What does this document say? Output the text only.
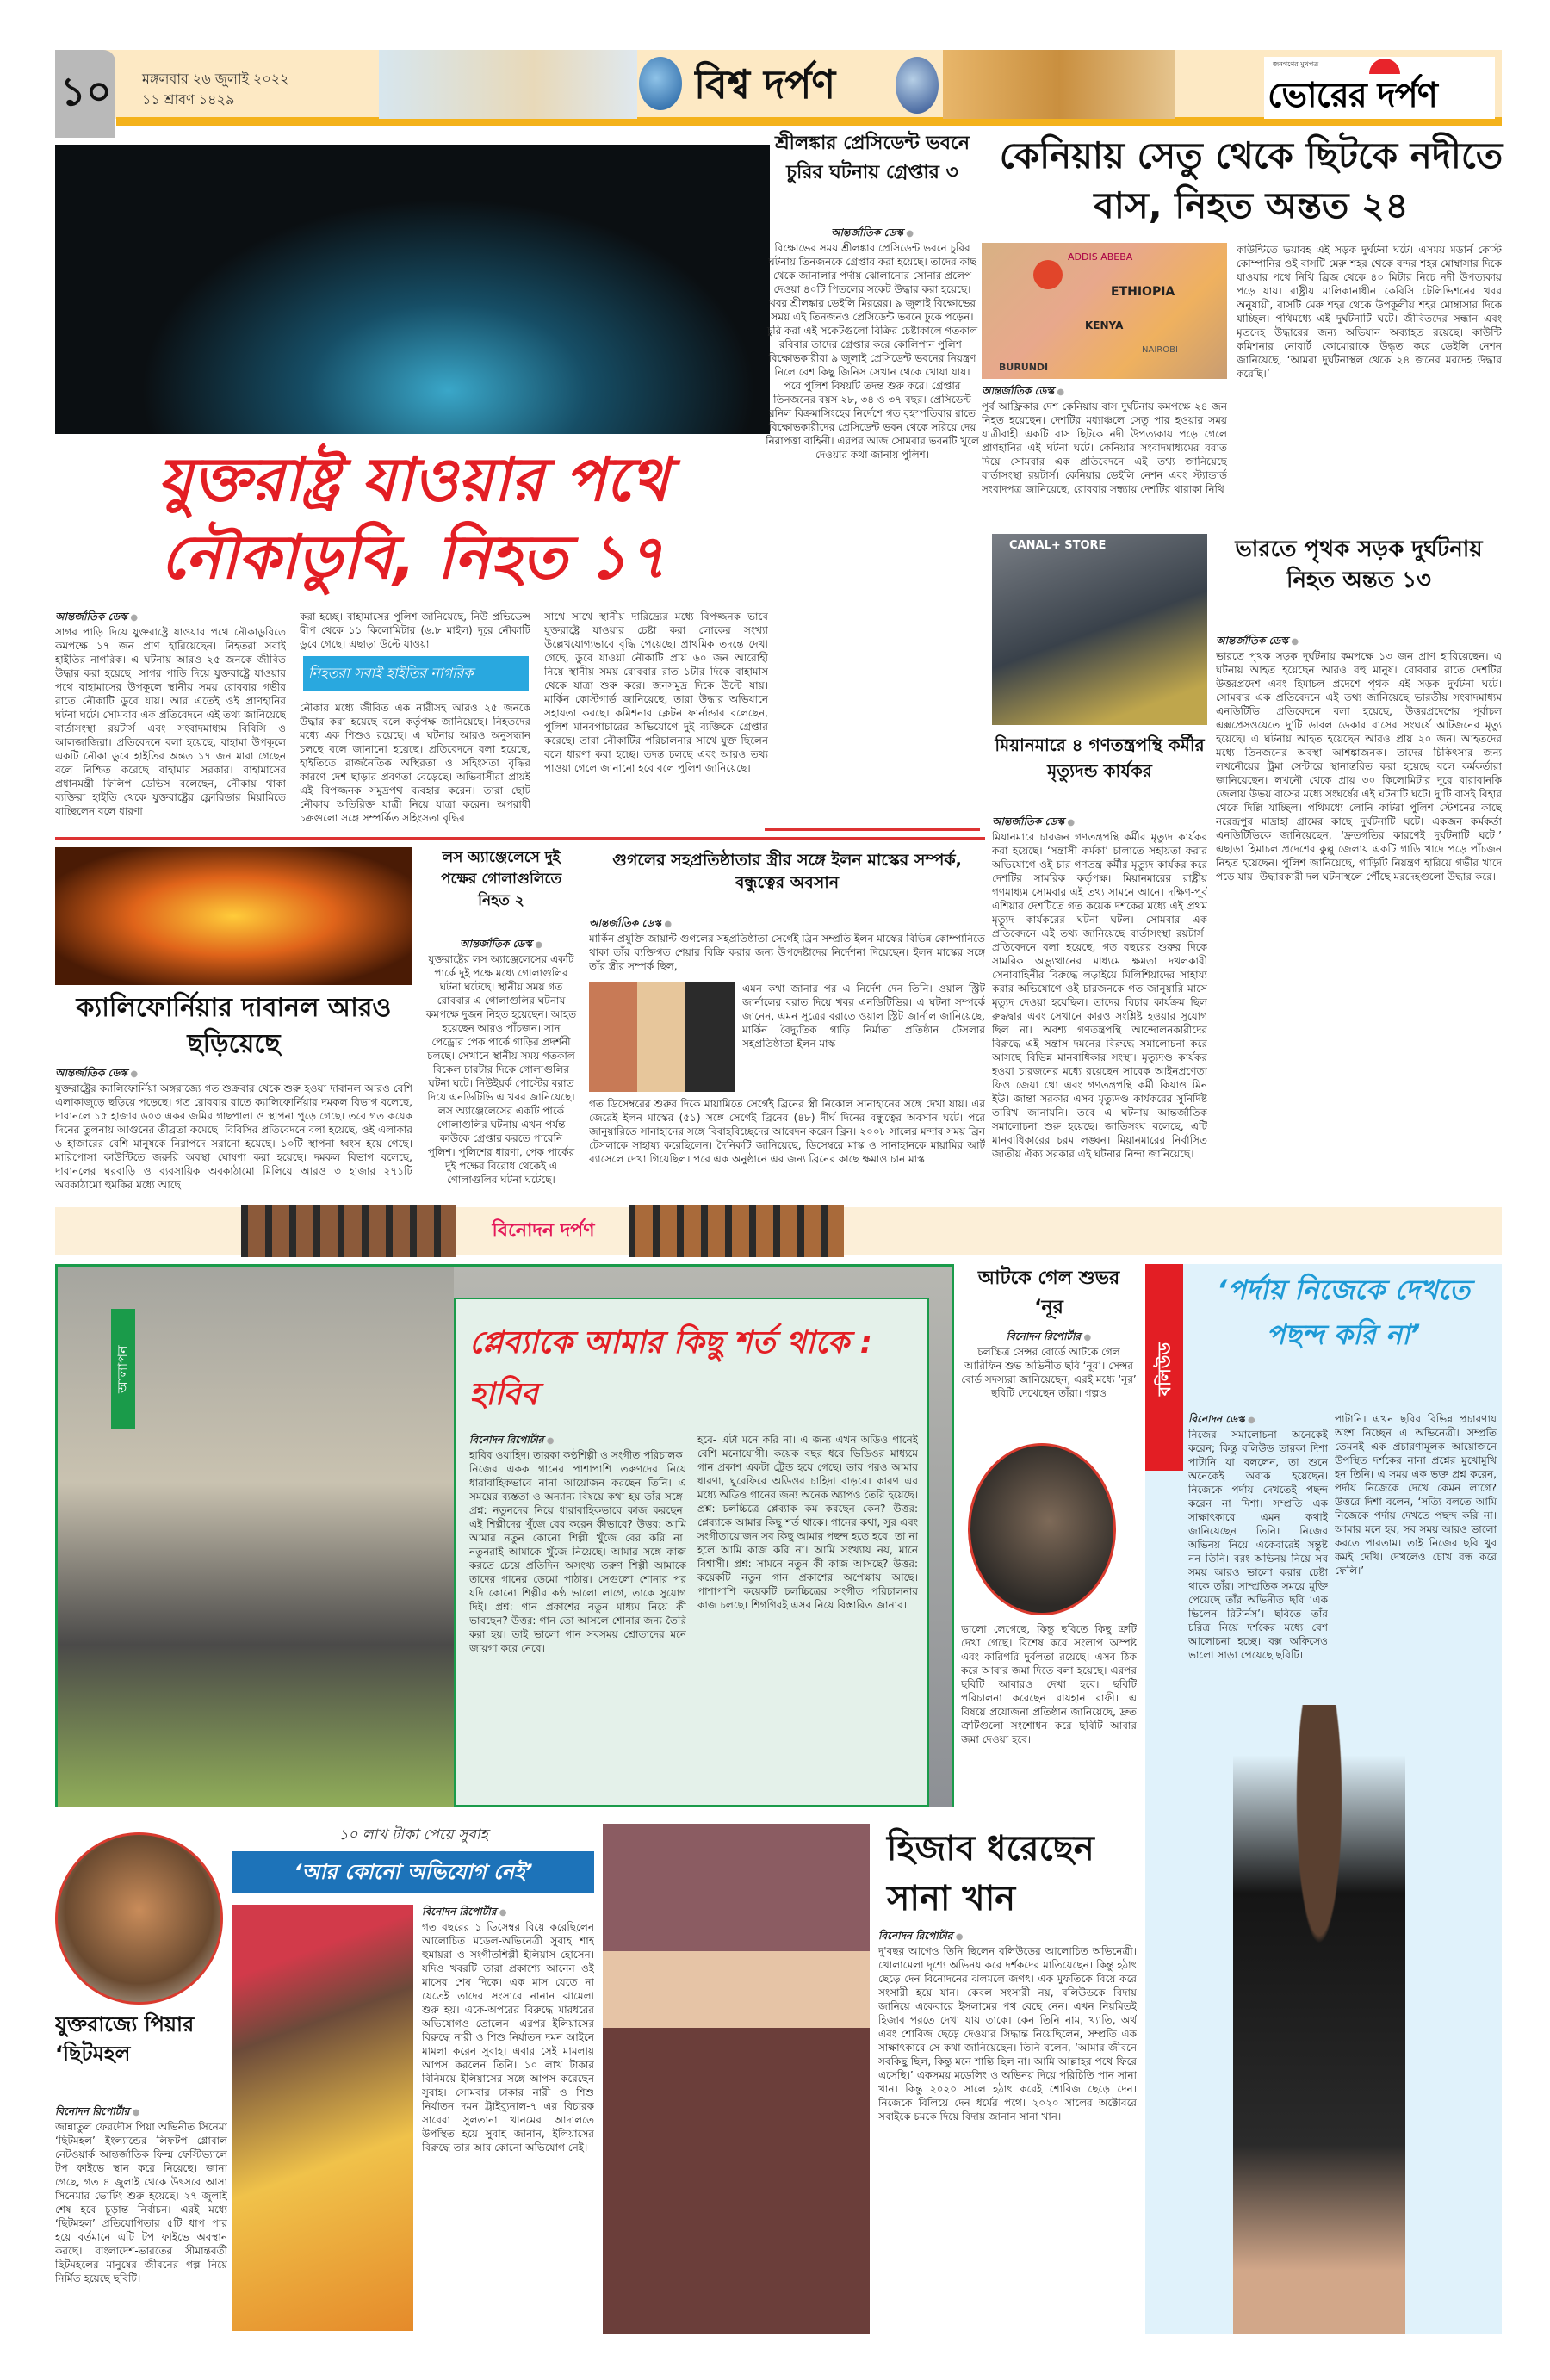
১০ মঙ্গলবার ২৬ জুলাই ২০২২
১১ শ্রাবণ ১৪২৯	বিশ্ব দর্পণ	জনগণের মুখপত্র
ভোরের দর্পণ
যুক্তরাষ্ট্র যাওয়ার পথে নৌকাডুবি, নিহত ১৭
আন্তর্জাতিক ডেস্ক ●
সাগর পাড়ি দিয়ে যুক্তরাষ্ট্রে যাওয়ার পথে নৌকাডুবিতে কমপক্ষে ১৭ জন প্রাণ হারিয়েছেন। নিহতরা সবাই হাইতির নাগরিক। এ ঘটনায় আরও ২৫ জনকে জীবিত উদ্ধার করা হয়েছে। সাগর পাড়ি দিয়ে যুক্তরাষ্ট্রে যাওয়ার পথে বাহামাসের উপকূলে স্থানীয় সময় রোববার গভীর রাতে নৌকাটি ডুবে যায়। আর এতেই ওই প্রাণহানির ঘটনা ঘটে। সোমবার এক প্রতিবেদনে এই তথ্য জানিয়েছে বার্তাসংস্থা রয়টার্স এবং সংবাদমাধ্যম বিবিসি ও আলজাজিরা। প্রতিবেদনে বলা হয়েছে, বাহামা উপকূলে একটি নৌকা ডুবে হাইতির অন্তত ১৭ জন মারা গেছেন বলে নিশ্চিত করেছে বাহামার সরকার। বাহামাসের প্রধানমন্ত্রী ফিলিপ ডেভিস বলেছেন, নৌকায় থাকা ব্যক্তিরা হাইতি থেকে যুক্তরাষ্ট্রের ফ্লোরিডার মিয়ামিতে যাচ্ছিলেন বলে ধারণা
করা হচ্ছে। বাহামাসের পুলিশ জানিয়েছে, নিউ প্রভিডেন্স দ্বীপ থেকে ১১ কিলোমিটার (৬.৮ মাইল) দূরে নৌকাটি ডুবে গেছে। এছাড়া উল্টে যাওয়া
নৌকার মধ্যে জীবিত এক নারীসহ আরও ২৫ জনকে উদ্ধার করা হয়েছে বলে কর্তৃপক্ষ জানিয়েছে। নিহতদের মধ্যে এক শিশুও রয়েছে। এ ঘটনায় আরও অনুসন্ধান চলছে বলে জানানো হয়েছে। প্রতিবেদনে বলা হয়েছে, হাইতিতে রাজনৈতিক অস্থিরতা ও সহিংসতা বৃদ্ধির কারণে দেশ ছাড়ার প্রবণতা বেড়েছে। অভিবাসীরা প্রায়ই এই বিপজ্জনক সমুদ্রপথ ব্যবহার করেন। তারা ছোট নৌকায় অতিরিক্ত যাত্রী নিয়ে যাত্রা করেন। অপরাধী চক্রগুলো সঙ্গে সম্পর্কিত সহিংসতা বৃদ্ধির
নিহতরা সবাই হাইতির নাগরিক
সাথে সাথে স্থানীয় দারিদ্র্যের মধ্যে বিপজ্জনক ভাবে যুক্তরাষ্ট্রে যাওয়ার চেষ্টা করা লোকের সংখ্যা উল্লেখযোগ্যভাবে বৃদ্ধি পেয়েছে। প্রাথমিক তদন্তে দেখা গেছে, ডুবে যাওয়া নৌকাটি প্রায় ৬০ জন আরোহী নিয়ে স্থানীয় সময় রোববার রাত ১টার দিকে বাহামাস থেকে যাত্রা শুরু করে। জনসমুদ্র দিকে উল্টে যায়। মার্কিন কোস্টগার্ড জানিয়েছে, তারা উদ্ধার অভিযানে সহায়তা করছে। কমিশনার ক্লেটন ফার্নান্ডার বলেছেন, পুলিশ মানবপাচারের অভিযোগে দুই ব্যক্তিকে গ্রেপ্তার করেছে। তারা নৌকাটির পরিচালনার সাথে যুক্ত ছিলেন বলে ধারণা করা হচ্ছে। তদন্ত চলছে এবং আরও তথ্য পাওয়া গেলে জানানো হবে বলে পুলিশ জানিয়েছে।
শ্রীলঙ্কার প্রেসিডেন্ট ভবনে চুরির ঘটনায় গ্রেপ্তার ৩
আন্তর্জাতিক ডেস্ক ●
বিক্ষোভের সময় শ্রীলঙ্কার প্রেসিডেন্ট ভবনে চুরির ঘটনায় তিনজনকে গ্রেপ্তার করা হয়েছে। তাদের কাছ থেকে জানালার পর্দায় ঝোলানোর সোনার প্রলেপ দেওয়া ৪০টি পিতলের সকেট উদ্ধার করা হয়েছে। খবর শ্রীলঙ্কার ডেইলি মিররের। ৯ জুলাই বিক্ষোভের সময় এই তিনজনও প্রেসিডেন্ট ভবনে ঢুকে পড়েন। চুরি করা এই সকেটগুলো বিক্রির চেষ্টাকালে গতকাল রবিবার তাদের গ্রেপ্তার করে কোলিপান পুলিশ। বিক্ষোভকারীরা ৯ জুলাই প্রেসিডেন্ট ভবনের নিয়ন্ত্রণ নিলে বেশ কিছু জিনিস সেখান থেকে খোয়া যায়। পরে পুলিশ বিষয়টি তদন্ত শুরু করে। গ্রেপ্তার তিনজনের বয়স ২৮, ৩৪ ও ৩৭ বছর। প্রেসিডেন্ট রনিল বিক্রমাসিংহের নির্দেশে গত বৃহস্পতিবার রাতে বিক্ষোভকারীদের প্রেসিডেন্ট ভবন থেকে সরিয়ে দেয় নিরাপত্তা বাহিনী। এরপর আজ সোমবার ভবনটি খুলে দেওয়ার কথা জানায় পুলিশ।
কেনিয়ায় সেতু থেকে ছিটকে নদীতে বাস, নিহত অন্তত ২৪
ADDIS ABEBA
ETHIOPIA
KENYA
NAIROBI
BURUNDI
কাউন্টিতে ভয়াবহ এই সড়ক দুর্ঘটনা ঘটে। এসময় মডার্ন কোস্ট কোম্পানির ওই বাসটি মেরু শহর থেকে বন্দর শহর মোম্বাসার দিকে যাওয়ার পথে নিথি ব্রিজ থেকে ৪০ মিটার নিচে নদী উপত্যকায় পড়ে যায়। রাষ্ট্রীয় মালিকানাধীন কেবিসি টেলিভিশনের খবর অনুযায়ী, বাসটি মেরু শহর থেকে উপকূলীয় শহর মোম্বাসার দিকে যাচ্ছিল। পথিমধ্যে এই দুর্ঘটনাটি ঘটে। জীবিতদের সন্ধান এবং মৃতদেহ উদ্ধারের জন্য অভিযান অব্যাহত রয়েছে। কাউন্টি কমিশনার নোবার্ট কোমোরাকে উদ্ধৃত করে ডেইলি নেশন জানিয়েছে, ‘আমরা দুর্ঘটনাস্থল থেকে ২৪ জনের মরদেহ উদ্ধার করেছি।’
আন্তর্জাতিক ডেস্ক ●
পূর্ব আফ্রিকার দেশ কেনিয়ায় বাস দুর্ঘটনায় কমপক্ষে ২৪ জন নিহত হয়েছেন। দেশটির মধ্যাঞ্চলে সেতু পার হওয়ার সময় যাত্রীবাহী একটি বাস ছিটকে নদী উপত্যকায় পড়ে গেলে প্রাণহানির এই ঘটনা ঘটে। কেনিয়ার সংবাদমাধ্যমের বরাত দিয়ে সোমবার এক প্রতিবেদনে এই তথ্য জানিয়েছে বার্তাসংস্থা রয়টার্স। কেনিয়ার ডেইলি নেশন এবং স্ট্যান্ডার্ড সংবাদপত্র জানিয়েছে, রোববার সন্ধ্যায় দেশটির থারাকা নিথি
CANAL+ STORE	ভারতে পৃথক সড়ক দুর্ঘটনায় নিহত অন্তত ১৩
আন্তর্জাতিক ডেস্ক ●
ভারতে পৃথক সড়ক দুর্ঘটনায় কমপক্ষে ১৩ জন প্রাণ হারিয়েছেন। এ ঘটনায় আহত হয়েছেন আরও বহু মানুষ। রোববার রাতে দেশটির উত্তরপ্রদেশ এবং হিমাচল প্রদেশে পৃথক এই সড়ক দুর্ঘটনা ঘটে। সোমবার এক প্রতিবেদনে এই তথ্য জানিয়েছে ভারতীয় সংবাদমাধ্যম এনডিটিভি। প্রতিবেদনে বলা হয়েছে, উত্তরপ্রদেশের পূর্বাচল এক্সপ্রেসওয়েতে দু'টি ডাবল ডেকার বাসের সংঘর্ষে আটজনের মৃত্যু হয়েছে। এ ঘটনায় আহত হয়েছেন আরও প্রায় ২০ জন। আহতদের মধ্যে তিনজনের অবস্থা আশঙ্কাজনক। তাদের চিকিৎসার জন্য লখনৌয়ের ট্রমা সেন্টারে স্থানান্তরিত করা হয়েছে বলে কর্মকর্তারা জানিয়েছেন। লখনৌ থেকে প্রায় ৩০ কিলোমিটার দূরে বারাবানকি জেলায় উভয় বাসের মধ্যে সংঘর্ষের এই ঘটনাটি ঘটে। দু'টি বাসই বিহার থেকে দিল্লি যাচ্ছিল। পথিমধ্যে লোনি কাটরা পুলিশ স্টেশনের কাছে নরেন্দ্রপুর মাদ্রাহা গ্রামের কাছে দুর্ঘটনাটি ঘটে। একজন কর্মকর্তা এনডিটিভিকে জানিয়েছেন, ‘দ্রুতগতির কারণেই দুর্ঘটনাটি ঘটে।’ এছাড়া হিমাচল প্রদেশের কুল্লু জেলায় একটি গাড়ি খাদে পড়ে পাঁচজন নিহত হয়েছেন। পুলিশ জানিয়েছে, গাড়িটি নিয়ন্ত্রণ হারিয়ে গভীর খাদে পড়ে যায়। উদ্ধারকারী দল ঘটনাস্থলে পৌঁছে মরদেহগুলো উদ্ধার করে।
মিয়ানমারে ৪ গণতন্ত্রপন্থি কর্মীর মৃত্যুদন্ড কার্যকর
আন্তর্জাতিক ডেস্ক ●
মিয়ানমারে চারজন গণতন্ত্রপন্থি কর্মীর মৃত্যুদ কার্যকর করা হয়েছে। ‘সন্ত্রাসী কর্মকা’ চালাতে সহায়তা করার অভিযোগে ওই চার গণতন্ত্র কর্মীর মৃত্যুদ কার্যকর করে দেশটির সামরিক কর্তৃপক্ষ। মিয়ানমারের রাষ্ট্রীয় গণমাধ্যম সোমবার এই তথ্য সামনে আনে। দক্ষিণ-পূর্ব এশিয়ার দেশটিতে গত কয়েক দশকের মধ্যে এই প্রথম মৃত্যুদ কার্যকরের ঘটনা ঘটল। সোমবার এক প্রতিবেদনে এই তথ্য জানিয়েছে বার্তাসংস্থা রয়টার্স। প্রতিবেদনে বলা হয়েছে, গত বছরের শুরুর দিকে সামরিক অভ্যুত্থানের মাধ্যমে ক্ষমতা দখলকারী সেনাবাহিনীর বিরুদ্ধে লড়াইয়ে মিলিশিয়াদের সাহায্য করার অভিযোগে ওই চারজনকে গত জানুয়ারি মাসে মৃত্যুদ দেওয়া হয়েছিল। তাদের বিচার কার্যক্রম ছিল রুদ্ধদ্বার এবং সেখানে কারও সংশ্লিষ্ট হওয়ার সুযোগ ছিল না। অবশ্য গণতন্ত্রপন্থি আন্দোলনকারীদের বিরুদ্ধে এই সন্ত্রাস দমনের বিরুদ্ধে সমালোচনা করে আসছে বিভিন্ন মানবাধিকার সংস্থা। মৃত্যুদণ্ড কার্যকর হওয়া চারজনের মধ্যে রয়েছেন সাবেক আইনপ্রণেতা ফিও জেয়া থো এবং গণতন্ত্রপন্থি কর্মী কিয়াও মিন ইউ। জান্তা সরকার এসব মৃত্যুদণ্ড কার্যকরের সুনির্দিষ্ট তারিখ জানায়নি। তবে এ ঘটনায় আন্তর্জাতিক সমালোচনা শুরু হয়েছে। জাতিসংঘ বলেছে, এটি মানবাধিকারের চরম লঙ্ঘন। মিয়ানমারের নির্বাসিত জাতীয় ঐক্য সরকার এই ঘটনার নিন্দা জানিয়েছে।
ক্যালিফোর্নিয়ার দাবানল আরও ছড়িয়েছে
আন্তর্জাতিক ডেস্ক ●
যুক্তরাষ্ট্রের ক্যালিফোর্নিয়া অঙ্গরাজ্যে গত শুক্রবার থেকে শুরু হওয়া দাবানল আরও বেশি এলাকাজুড়ে ছড়িয়ে পড়েছে। গত রোববার রাতে ক্যালিফোর্নিয়ার দমকল বিভাগ বলেছে, দাবানলে ১৫ হাজার ৬০৩ একর জমির গাছপালা ও স্থাপনা পুড়ে গেছে। তবে গত কয়েক দিনের তুলনায় আগুনের তীব্রতা কমেছে। বিবিসির প্রতিবেদনে বলা হয়েছে, ওই এলাকার ৬ হাজারের বেশি মানুষকে নিরাপদে সরানো হয়েছে। ১০টি স্থাপনা ধ্বংস হয়ে গেছে। মারিপোসা কাউন্টিতে জরুরি অবস্থা ঘোষণা করা হয়েছে। দমকল বিভাগ বলেছে, দাবানলের ঘরবাড়ি ও ব্যবসায়িক অবকাঠামো মিলিয়ে আরও ৩ হাজার ২৭১টি অবকাঠামো হুমকির মধ্যে আছে।
লস অ্যাঞ্জেলেসে দুই পক্ষের গোলাগুলিতে নিহত ২
আন্তর্জাতিক ডেস্ক ●
যুক্তরাষ্ট্রের লস অ্যাঞ্জেলেসের একটি পার্কে দুই পক্ষে মধ্যে গোলাগুলির ঘটনা ঘটেছে। স্থানীয় সময় গত রোববার এ গোলাগুলির ঘটনায় কমপক্ষে দুজন নিহত হয়েছেন। আহত হয়েছেন আরও পাঁচজন। সান পেড্রোর পেক পার্কে গাড়ির প্রদর্শনী চলছে। সেখানে স্থানীয় সময় গতকাল বিকেল চারটার দিকে গোলাগুলির ঘটনা ঘটে। নিউইয়র্ক পোস্টের বরাত দিয়ে এনডিটিভি এ খবর জানিয়েছে। লস অ্যাঞ্জেলেসের একটি পার্কে গোলাগুলির ঘটনায় এখন পর্যন্ত কাউকে গ্রেপ্তার করতে পারেনি পুলিশ। পুলিশের ধারণা, পেক পার্কের দুই পক্ষের বিরোধ থেকেই এ গোলাগুলির ঘটনা ঘটেছে।
গুগলের সহপ্রতিষ্ঠাতার স্ত্রীর সঙ্গে ইলন মাস্কের সম্পর্ক, বন্ধুত্বের অবসান
আন্তর্জাতিক ডেস্ক ●
মার্কিন প্রযুক্তি জায়ান্ট গুগলের সহপ্রতিষ্ঠাতা সের্গেই ব্রিন সম্প্রতি ইলন মাস্কের বিভিন্ন কোম্পানিতে থাকা তাঁর ব্যক্তিগত শেয়ার বিক্রি করার জন্য উপদেষ্টাদের নির্দেশনা দিয়েছেন। ইলন মাস্কের সঙ্গে তাঁর স্ত্রীর সম্পর্ক ছিল,
এমন কথা জানার পর এ নির্দেশ দেন তিনি। ওয়াল স্ট্রিট জার্নালের বরাত দিয়ে খবর এনডিটিভির। এ ঘটনা সম্পর্কে জানেন, এমন সূত্রের বরাতে ওয়াল স্ট্রিট জার্নাল জানিয়েছে, মার্কিন বৈদ্যুতিক গাড়ি নির্মাতা প্রতিষ্ঠান টেসলার সহপ্রতিষ্ঠাতা ইলন মাস্ক
গত ডিসেম্বরের শুরুর দিকে মায়ামিতে সের্গেই ব্রিনের স্ত্রী নিকোল সানাহানের সঙ্গে দেখা যায়। এর জেরেই ইলন মাস্কের (৫১) সঙ্গে সের্গেই ব্রিনের (৪৮) দীর্ঘ দিনের বন্ধুত্বের অবসান ঘটে। পরে জানুয়ারিতে সানাহানের সঙ্গে বিবাহবিচ্ছেদের আবেদন করেন ব্রিন। ২০০৮ সালের মন্দার সময় ব্রিন টেসলাকে সাহায্য করেছিলেন। দৈনিকটি জানিয়েছে, ডিসেম্বরে মাস্ক ও সানাহানকে মায়ামির আর্ট ব্যাসেলে দেখা গিয়েছিল। পরে এক অনুষ্ঠানে এর জন্য ব্রিনের কাছে ক্ষমাও চান মাস্ক।
বিনোদন দর্পণ
আলাপন
প্লেব্যাকে আমার কিছু শর্ত থাকে : হাবিব
বিনোদন রিপোর্টার ●
হাবিব ওয়াহিদ। তারকা কণ্ঠশিল্পী ও সংগীত পরিচালক। নিজের একক গানের পাশাপাশি তরুণদের নিয়ে ধারাবাহিকভাবে নানা আয়োজন করছেন তিনি। এ সময়ের ব্যস্ততা ও অন্যান্য বিষয়ে কথা হয় তাঁর সঙ্গে- প্রশ্ন: নতুনদের নিয়ে ধারাবাহিকভাবে কাজ করছেন। এই শিল্পীদের খুঁজে বের করেন কীভাবে? উত্তর: আমি আমার নতুন কোনো শিল্পী খুঁজে বের করি না। নতুনরাই আমাকে খুঁজে নিয়েছে। আমার সঙ্গে কাজ করতে চেয়ে প্রতিদিন অসংখ্য তরুণ শিল্পী আমাকে তাদের গানের ডেমো পাঠায়। সেগুলো শোনার পর যদি কোনো শিল্পীর কণ্ঠ ভালো লাগে, তাকে সুযোগ দিই। প্রশ্ন: গান প্রকাশের নতুন মাধ্যম নিয়ে কী ভাবছেন? উত্তর: গান তো আসলে শোনার জন্য তৈরি করা হয়। তাই ভালো গান সবসময় শ্রোতাদের মনে জায়গা করে নেবে।
হবে- এটা মনে করি না। এ জন্য এখন অডিও গানেই বেশি মনোযোগী। কয়েক বছর ধরে ভিডিওর মাধ্যমে গান প্রকাশ একটা ট্রেন্ড হয়ে গেছে। তার পরও আমার ধারণা, ঘুরেফিরে অডিওর চাহিদা বাড়বে। কারণ এর মধ্যে অডিও গানের জন্য অনেক অ্যাপও তৈরি হয়েছে। প্রশ্ন: চলচ্চিত্রে প্লেব্যাক কম করছেন কেন? উত্তর: প্লেব্যাকে আমার কিছু শর্ত থাকে। গানের কথা, সুর এবং সংগীতায়োজন সব কিছু আমার পছন্দ হতে হবে। তা না হলে আমি কাজ করি না। আমি সংখ্যায় নয়, মানে বিশ্বাসী। প্রশ্ন: সামনে নতুন কী কাজ আসছে? উত্তর: কয়েকটি নতুন গান প্রকাশের অপেক্ষায় আছে। পাশাপাশি কয়েকটি চলচ্চিত্রের সংগীত পরিচালনার কাজ চলছে। শিগগিরই এসব নিয়ে বিস্তারিত জানাব।
আটকে গেল শুভর ‘নূর
বিনোদন রিপোর্টার ●
চলচ্চিত্র সেন্সর বোর্ডে আটকে গেল আরিফিন শুভ অভিনীত ছবি ‘নূর’। সেন্সর বোর্ড সদস্যরা জানিয়েছেন, এরই মধ্যে ‘নূর’ ছবিটি দেখেছেন তাঁরা। গল্পও
ভালো লেগেছে, কিন্তু ছবিতে কিছু ত্রুটি দেখা গেছে। বিশেষ করে সংলাপ অস্পষ্ট এবং কারিগরি দুর্বলতা রয়েছে। এসব ঠিক করে আবার জমা দিতে বলা হয়েছে। এরপর ছবিটি আবারও দেখা হবে। ছবিটি পরিচালনা করেছেন রায়হান রাফী। এ বিষয়ে প্রযোজনা প্রতিষ্ঠান জানিয়েছে, দ্রুত ত্রুটিগুলো সংশোধন করে ছবিটি আবার জমা দেওয়া হবে।
বলিউড
‘পর্দায় নিজেকে দেখতে পছন্দ করি না’
বিনোদন ডেস্ক ●
নিজের সমালোচনা অনেকেই করেন; কিন্তু বলিউড তারকা দিশা পাটানি যা বললেন, তা শুনে অনেকেই অবাক হয়েছেন। নিজেকে পর্দায় দেখতেই পছন্দ করেন না দিশা। সম্প্রতি এক সাক্ষাৎকারে এমন কথাই জানিয়েছেন তিনি। নিজের অভিনয় নিয়ে একেবারেই সন্তুষ্ট নন তিনি। বরং অভিনয় নিয়ে সব সময় আরও ভালো করার চেষ্টা থাকে তাঁর। সাম্প্রতিক সময়ে মুক্তি পেয়েছে তাঁর অভিনীত ছবি ‘এক ভিলেন রিটার্নস’। ছবিতে তাঁর চরিত্র নিয়ে দর্শকের মধ্যে বেশ আলোচনা হচ্ছে। বক্স অফিসেও ভালো সাড়া পেয়েছে ছবিটি।
পাটানি। এখন ছবির বিভিন্ন প্রচারণায় অংশ নিচ্ছেন এ অভিনেত্রী। সম্প্রতি তেমনই এক প্রচারণামূলক আয়োজনে উপস্থিত দর্শকের নানা প্রশ্নের মুখোমুখি হন তিনি। এ সময় এক ভক্ত প্রশ্ন করেন, পর্দায় নিজেকে দেখে কেমন লাগে? উত্তরে দিশা বলেন, ‘সত্যি বলতে আমি নিজেকে পর্দায় দেখতে পছন্দ করি না। আমার মনে হয়, সব সময় আরও ভালো করতে পারতাম। তাই নিজের ছবি খুব কমই দেখি। দেখলেও চোখ বন্ধ করে ফেলি।’
যুক্তরাজ্যে পিয়ার ‘ছিটমহল
বিনোদন রিপোর্টার ●
জান্নাতুল ফেরদৌস পিয়া অভিনীত সিনেমা ‘ছিটমহল’ ইংল্যান্ডের লিফটপ গ্লোবাল নেটওয়ার্ক আন্তর্জাতিক ফিল্ম ফেস্টিভ্যালে টপ ফাইভে স্থান করে নিয়েছে। জানা গেছে, গত ৪ জুলাই থেকে উৎসবে আসা সিনেমার ভোটিং শুরু হয়েছে। ২৭ জুলাই শেষ হবে চূড়ান্ত নির্বাচন। এরই মধ্যে ‘ছিটমহল’ প্রতিযোগিতার ৫টি ধাপ পার হয়ে বর্তমানে এটি টপ ফাইভে অবস্থান করছে। বাংলাদেশ-ভারতের সীমান্তবর্তী ছিটমহলের মানুষের জীবনের গল্প নিয়ে নির্মিত হয়েছে ছবিটি।
১০ লাখ টাকা পেয়ে সুবাহ
‘আর কোনো অভিযোগ নেই’
বিনোদন রিপোর্টার ●
গত বছরের ১ ডিসেম্বর বিয়ে করেছিলেন আলোচিত মডেল-অভিনেত্রী সুবাহ শাহ হুমায়রা ও সংগীতশিল্পী ইলিয়াস হোসেন। যদিও খবরটি তারা প্রকাশ্যে আনেন ওই মাসের শেষ দিকে। এক মাস যেতে না যেতেই তাদের সংসারে নানান ঝামেলা শুরু হয়। একে-অপরের বিরুদ্ধে মারধরের অভিযোগও তোলেন। এরপর ইলিয়াসের বিরুদ্ধে নারী ও শিশু নির্যাতন দমন আইনে মামলা করেন সুবাহ। এবার সেই মামলায় আপস করলেন তিনি। ১০ লাখ টাকার বিনিময়ে ইলিয়াসের সঙ্গে আপস করেছেন সুবাহ। সোমবার ঢাকার নারী ও শিশু নির্যাতন দমন ট্রাইব্যুনাল-৭ এর বিচারক সাবেরা সুলতানা খানমের আদালতে উপস্থিত হয়ে সুবাহ জানান, ইলিয়াসের বিরুদ্ধে তার আর কোনো অভিযোগ নেই।
হিজাব ধরেছেন সানা খান
বিনোদন রিপোর্টার ●
দু'বছর আগেও তিনি ছিলেন বলিউডের আলোচিত অভিনেত্রী। খোলামেলা দৃশ্যে অভিনয় করে দর্শকদের মাতিয়েছেন। কিন্তু হঠাৎ ছেড়ে দেন বিনোদনের ঝলমলে জগৎ। এক মুফতিকে বিয়ে করে সংসারী হয়ে যান। কেবল সংসারী নয়, বলিউডকে বিদায় জানিয়ে একেবারে ইসলামের পথ বেছে নেন। এখন নিয়মিতই হিজাব পরতে দেখা যায় তাকে। কেন তিনি নাম, খ্যাতি, অর্থ এবং শোবিজ ছেড়ে দেওয়ার সিদ্ধান্ত নিয়েছিলেন, সম্প্রতি এক সাক্ষাৎকারে সে কথা জানিয়েছেন। তিনি বলেন, ‘আমার জীবনে সবকিছু ছিল, কিন্তু মনে শান্তি ছিল না। আমি আল্লাহর পথে ফিরে এসেছি।’ একসময় মডেলিং ও অভিনয় দিয়ে পরিচিতি পান সানা খান। কিন্তু ২০২০ সালে হঠাৎ করেই শোবিজ ছেড়ে দেন। নিজেকে বিলিয়ে দেন ধর্মের পথে। ২০২০ সালের অক্টোবরে সবাইকে চমকে দিয়ে বিদায় জানান সানা খান।
